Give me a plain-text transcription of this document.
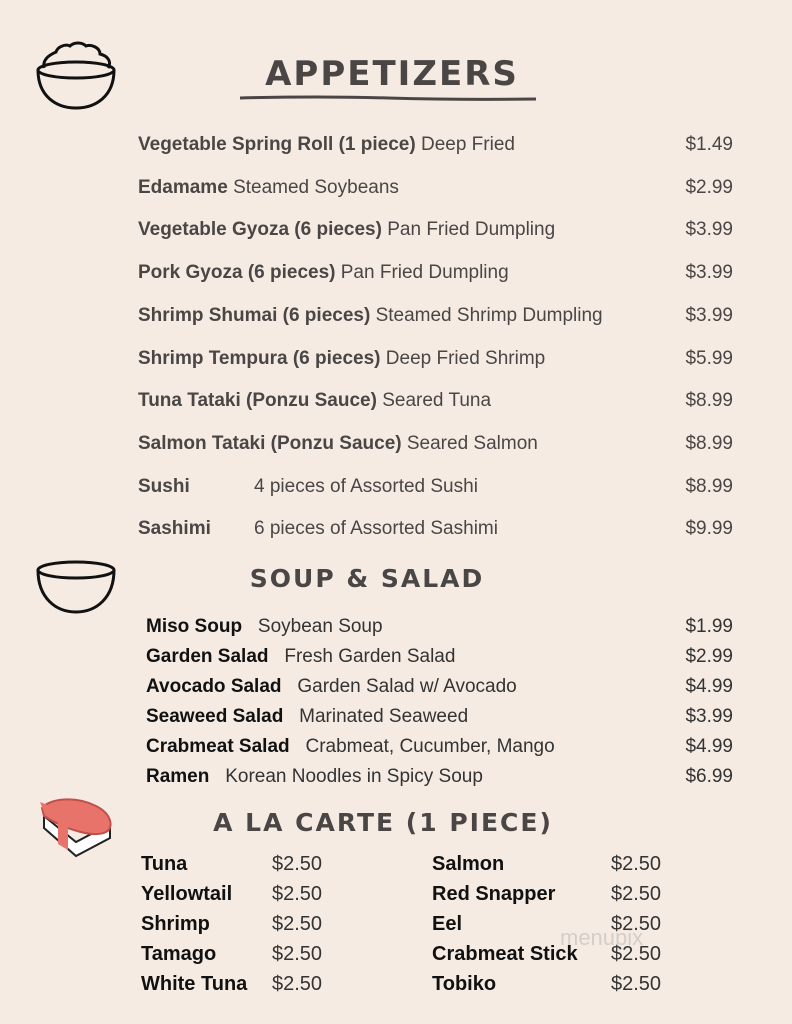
APPETIZERS
Vegetable Spring Roll (1 piece) Deep Fried	$1.49
Edamame Steamed Soybeans	$2.99
Vegetable Gyoza (6 pieces) Pan Fried Dumpling	$3.99
Pork Gyoza (6 pieces) Pan Fried Dumpling	$3.99
Shrimp Shumai (6 pieces) Steamed Shrimp Dumpling	$3.99
Shrimp Tempura (6 pieces) Deep Fried Shrimp	$5.99
Tuna Tataki (Ponzu Sauce) Seared Tuna	$8.99
Salmon Tataki (Ponzu Sauce) Seared Salmon	$8.99
Sushi	4 pieces of Assorted Sushi	$8.99
Sashimi 6 pieces of Assorted Sashimi	$9.99
SOUP & SALAD
Miso Soup Soybean Soup	$1.99
Garden Salad Fresh Garden Salad	$2.99
Avocado Salad Garden Salad w/ Avocado	$4.99
Seaweed Salad Marinated Seaweed	$3.99
Crabmeat Salad Crabmeat, Cucumber, Mango	$4.99
Ramen Korean Noodles in Spicy Soup	$6.99
A LA CARTE (1 PIECE)
Tuna	$2.50
Yellowtail $2.50
Shrimp	$2.50
Tamago	$2.50
White Tuna $2.50
Salmon	$2.50
Red Snapper	$2.50
Eel	$2.50
Crabmeat Stick $2.50
Tobiko	$2.50
menupix
